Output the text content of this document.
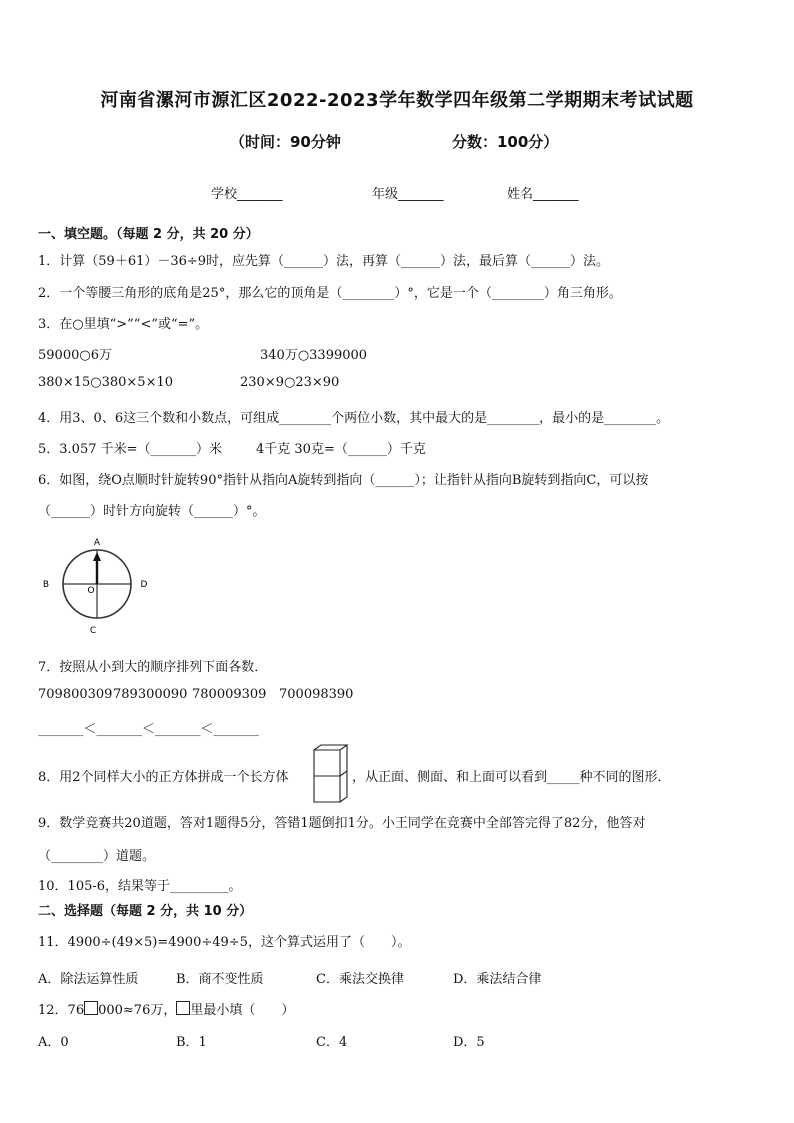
河南省漯河市源汇区2022-2023学年数学四年级第二学期期末考试试题
（时间：90分钟	分数：100分）
学校_______	年级_______	姓名_______
一、填空题。（每题 2 分，共 20 分）
1．计算（59＋61）－36÷9时，应先算（______）法，再算（______）法，最后算（______）法。
2．一个等腰三角形的底角是25°，那么它的顶角是（________）°，它是一个（________）角三角形。
3．在○里填“>”“<”或“=”。
59000○6万	340万○3399000
380×15○380×5×10	230×9○23×90
4．用3、0、6这三个数和小数点，可组成________个两位小数，其中最大的是________，最小的是________。
5．3.057 千米=（_______）米	4千克 30克=（______）千克
6．如图，绕O点顺时针旋转90°指针从指向A旋转到指向（______）；让指针从指向B旋转到指向C，可以按
（______）时针方向旋转（______）°。
A
B	D
C
O
7．按照从小到大的顺序排列下面各数．
709800309 789300090 780009309 700098390
_______＜_______＜_______＜_______
8．用2个同样大小的正方体拼成一个长方体	，从正面、侧面、和上面可以看到_____种不同的图形．
9．数学竞赛共20道题，答对1题得5分，答错1题倒扣1分。小王同学在竞赛中全部答完得了82分，他答对
（________）道题。
10．105-6，结果等于_________。
二、选择题（每题 2 分，共 10 分）
11．4900÷(49×5)=4900÷49÷5，这个算式运用了（　　）。
A．除法运算性质	B．商不变性质	C．乘法交换律	D．乘法结合律
12．76 000≈76万， 里最小填（　　）
A．0	B．1	C．4	D．5
